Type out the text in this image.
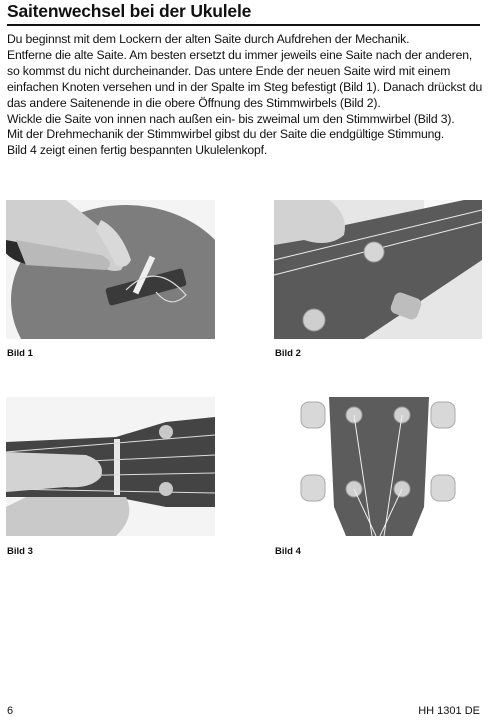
Saitenwechsel bei der Ukulele

Du beginnst mit dem Lockern der alten Saite durch Aufdrehen der Mechanik.

Entferne die alte Saite. Am besten ersetzt du immer jeweils eine Saite nach der anderen, so kommst du nicht durcheinander. Das untere Ende der neuen Saite wird mit einem einfachen Knoten versehen und in der Spalte im Steg befestigt (Bild 1). Danach drückst du das andere Saitenende in die obere Öffnung des Stimmwirbels (Bild 2).

Wickle die Saite von innen nach außen ein- bis zweimal um den Stimmwirbel (Bild 3).

Mit der Drehmechanik der Stimmwirbel gibst du der Saite die endgültige Stimmung.

Bild 4 zeigt einen fertig bespannten Ukulelenkopf.

Bild 1	Bild 2
Bild 3	Bild 4
6	HH 1301 DE
